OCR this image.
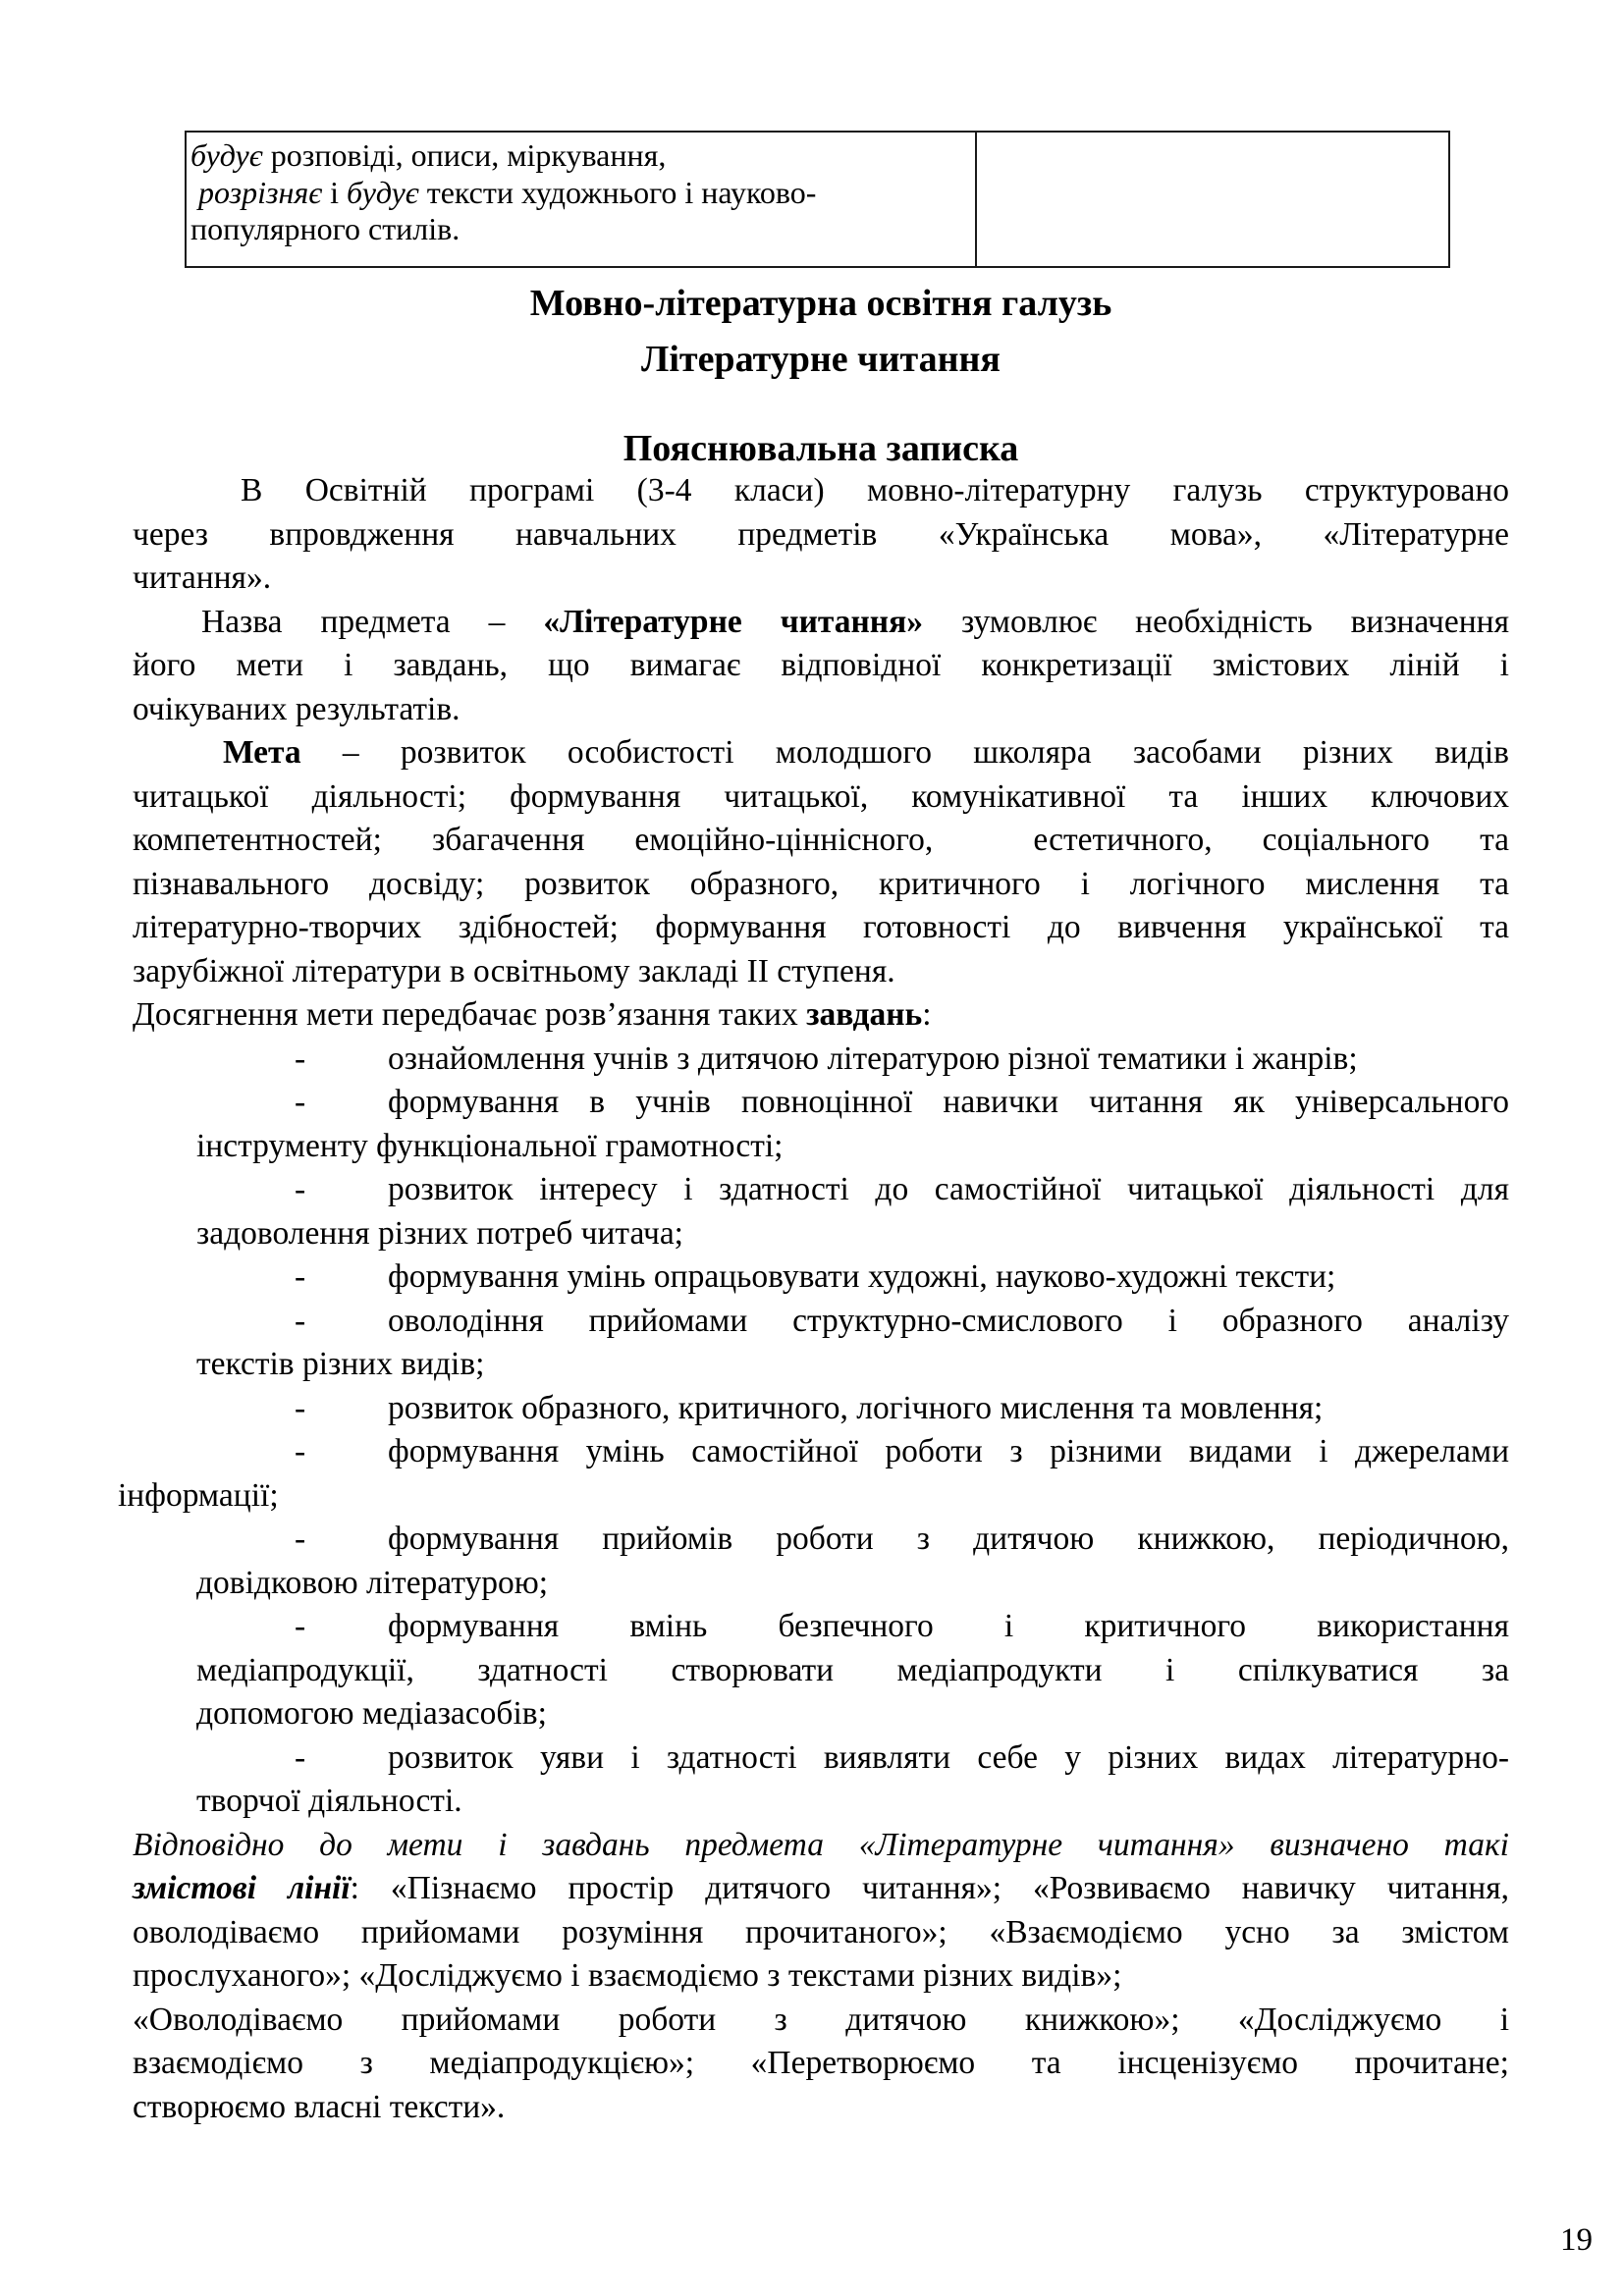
будує розповіді, описи, міркування,
розрізняє і будує тексти художнього і науково-
популярного стилів.
Мовно-літературна освітня галузь
Літературне читання
Пояснювальна записка
В Освітній програмі (3-4 класи) мовно-літературну галузь структуровано
через впровдження навчальних предметів «Українська мова», «Літературне
читання».
Назва предмета – «Літературне читання» зумовлює необхідність визначення
його мети і завдань, що вимагає відповідної конкретизації змістових ліній і
очікуваних результатів.
Мета – розвиток особистості молодшого школяра засобами різних видів
читацької діяльності; формування читацької, комунікативної та інших ключових
компетентностей; збагачення емоційно-ціннісного,  естетичного, соціального та
пізнавального досвіду; розвиток образного, критичного і логічного мислення та
літературно-творчих здібностей; формування готовності до вивчення української та
зарубіжної літератури в освітньому закладі ІІ ступеня.
Досягнення мети передбачає розв’язання таких завдань:
-	ознайомлення учнів з дитячою літературою різної тематики і жанрів;
-	формування в учнів повноцінної навички читання як універсального
інструменту функціональної грамотності;
-	розвиток інтересу і здатності до самостійної читацької діяльності для
задоволення різних потреб читача;
-	формування умінь опрацьовувати художні, науково-художні тексти;
-	оволодіння прийомами структурно-смислового і образного аналізу
текстів різних видів;
-	розвиток образного, критичного, логічного мислення та мовлення;
-	формування умінь самостійної роботи з різними видами і джерелами
інформації;
-	формування прийомів роботи з дитячою книжкою, періодичною,
довідковою літературою;
-	формування вмінь безпечного і критичного використання
медіапродукції, здатності створювати медіапродукти і спілкуватися за
допомогою медіазасобів;
-	розвиток уяви і здатності виявляти себе у різних видах літературно-
творчої діяльності.
Відповідно до мети і завдань предмета «Літературне читання» визначено такі
змістові лінії: «Пізнаємо простір дитячого читання»; «Розвиваємо навичку читання,
оволодіваємо прийомами розуміння прочитаного»; «Взаємодіємо усно за змістом
прослуханого»; «Досліджуємо і взаємодіємо з текстами різних видів»;
«Оволодіваємо прийомами роботи з дитячою книжкою»; «Досліджуємо і
взаємодіємо з медіапродукцією»; «Перетворюємо та інсценізуємо прочитане;
створюємо власні тексти».
19
